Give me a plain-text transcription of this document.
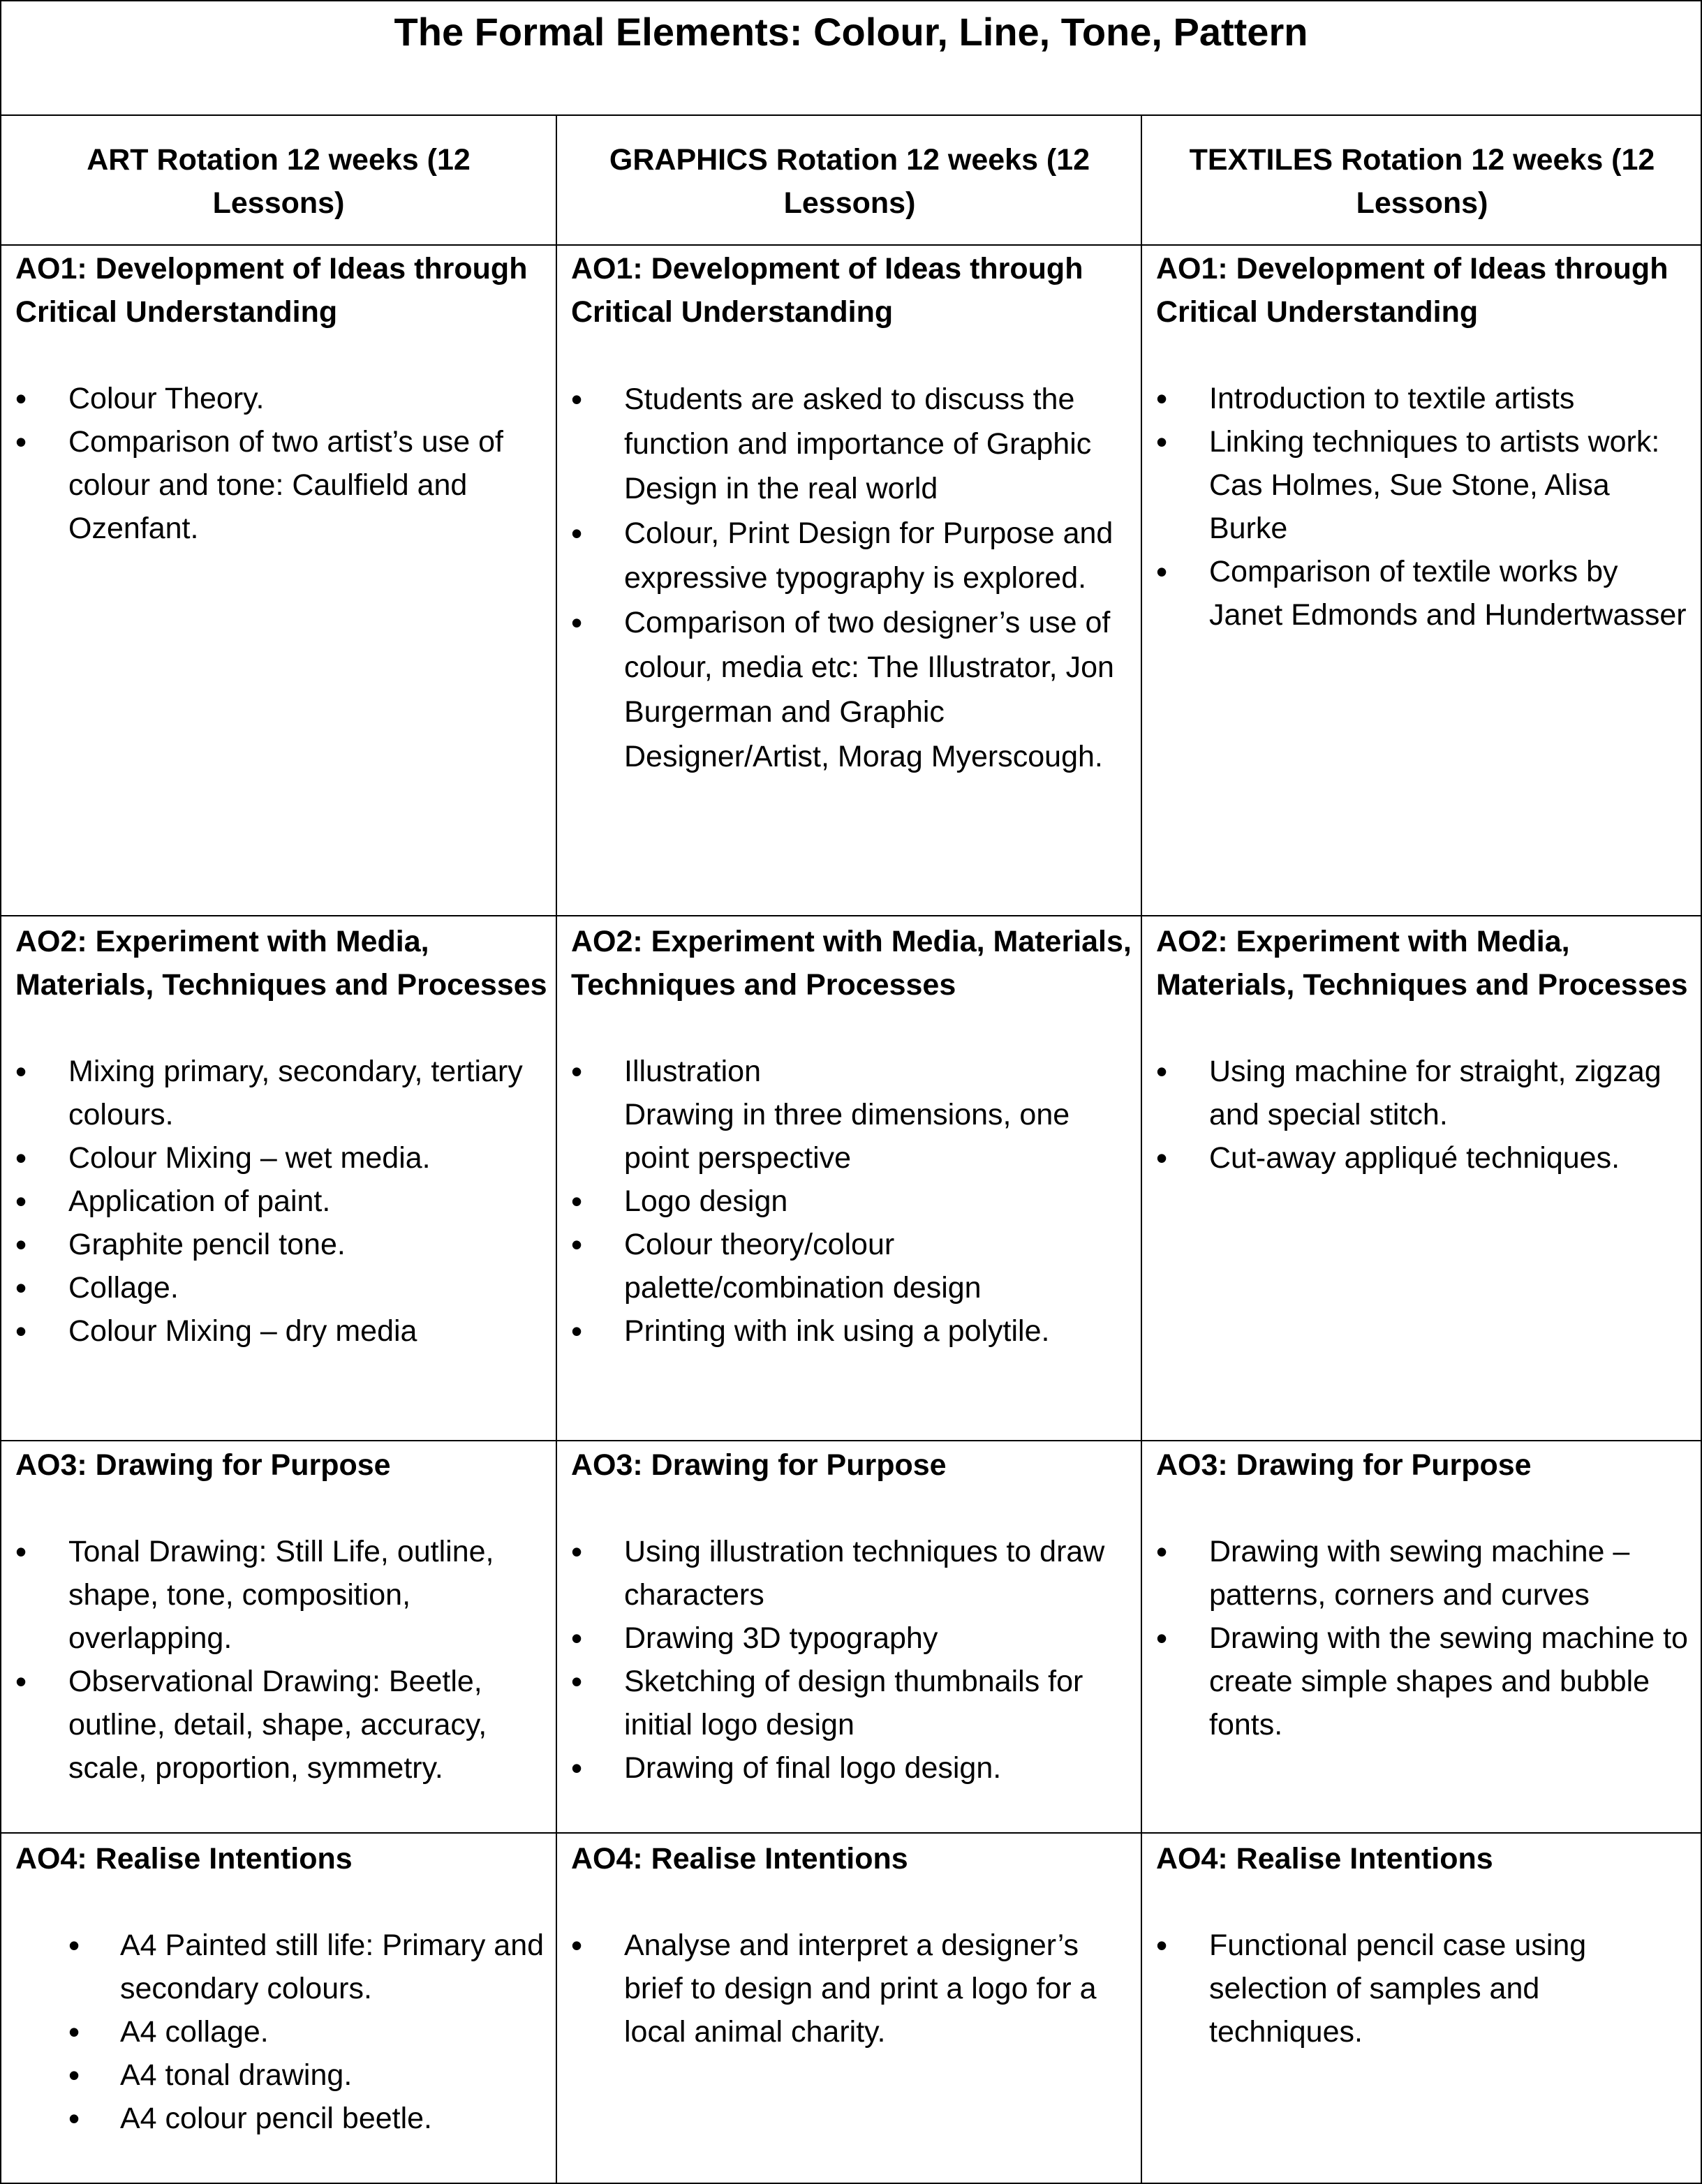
The Formal Elements: Colour, Line, Tone, Pattern
ART Rotation 12 weeks (12 Lessons)
GRAPHICS Rotation 12 weeks (12 Lessons)
TEXTILES Rotation 12 weeks (12 Lessons)
AO1: Development of Ideas through Critical Understanding
• Colour Theory.
• Comparison of two artist’s use of colour and tone: Caulfield and Ozenfant.
AO2: Experiment with Media, Materials, Techniques and Processes
• Mixing primary, secondary, tertiary colours.
• Colour Mixing – wet media.
• Application of paint.
• Graphite pencil tone.
• Collage.
• Colour Mixing – dry media
AO3: Drawing for Purpose
• Tonal Drawing: Still Life, outline, shape, tone, composition, overlapping.
• Observational Drawing: Beetle, outline, detail, shape, accuracy, scale, proportion, symmetry.
AO4: Realise Intentions
• A4 Painted still life: Primary and secondary colours.
• A4 collage.
• A4 tonal drawing.
• A4 colour pencil beetle.
AO1: Development of Ideas through Critical Understanding
• Students are asked to discuss the function and importance of Graphic Design in the real world
• Colour, Print Design for Purpose and expressive typography is explored.
• Comparison of two designer’s use of colour, media etc: The Illustrator, Jon Burgerman and Graphic Designer/Artist, Morag Myerscough.
AO2: Experiment with Media, Materials, Techniques and Processes
• Illustration
Drawing in three dimensions, one point perspective
• Logo design
• Colour theory/colour palette/combination design
• Printing with ink using a polytile.
AO3: Drawing for Purpose
• Using illustration techniques to draw characters
• Drawing 3D typography
• Sketching of design thumbnails for initial logo design
• Drawing of final logo design.
AO4: Realise Intentions
• Analyse and interpret a designer’s brief to design and print a logo for a local animal charity.
AO1: Development of Ideas through Critical Understanding
• Introduction to textile artists
• Linking techniques to artists work: Cas Holmes, Sue Stone, Alisa Burke
• Comparison of textile works by Janet Edmonds and Hundertwasser
AO2: Experiment with Media, Materials, Techniques and Processes
• Using machine for straight, zigzag and special stitch.
• Cut-away appliqué techniques.
AO3: Drawing for Purpose
• Drawing with sewing machine – patterns, corners and curves
• Drawing with the sewing machine to create simple shapes and bubble fonts.
AO4: Realise Intentions
• Functional pencil case using selection of samples and techniques.
